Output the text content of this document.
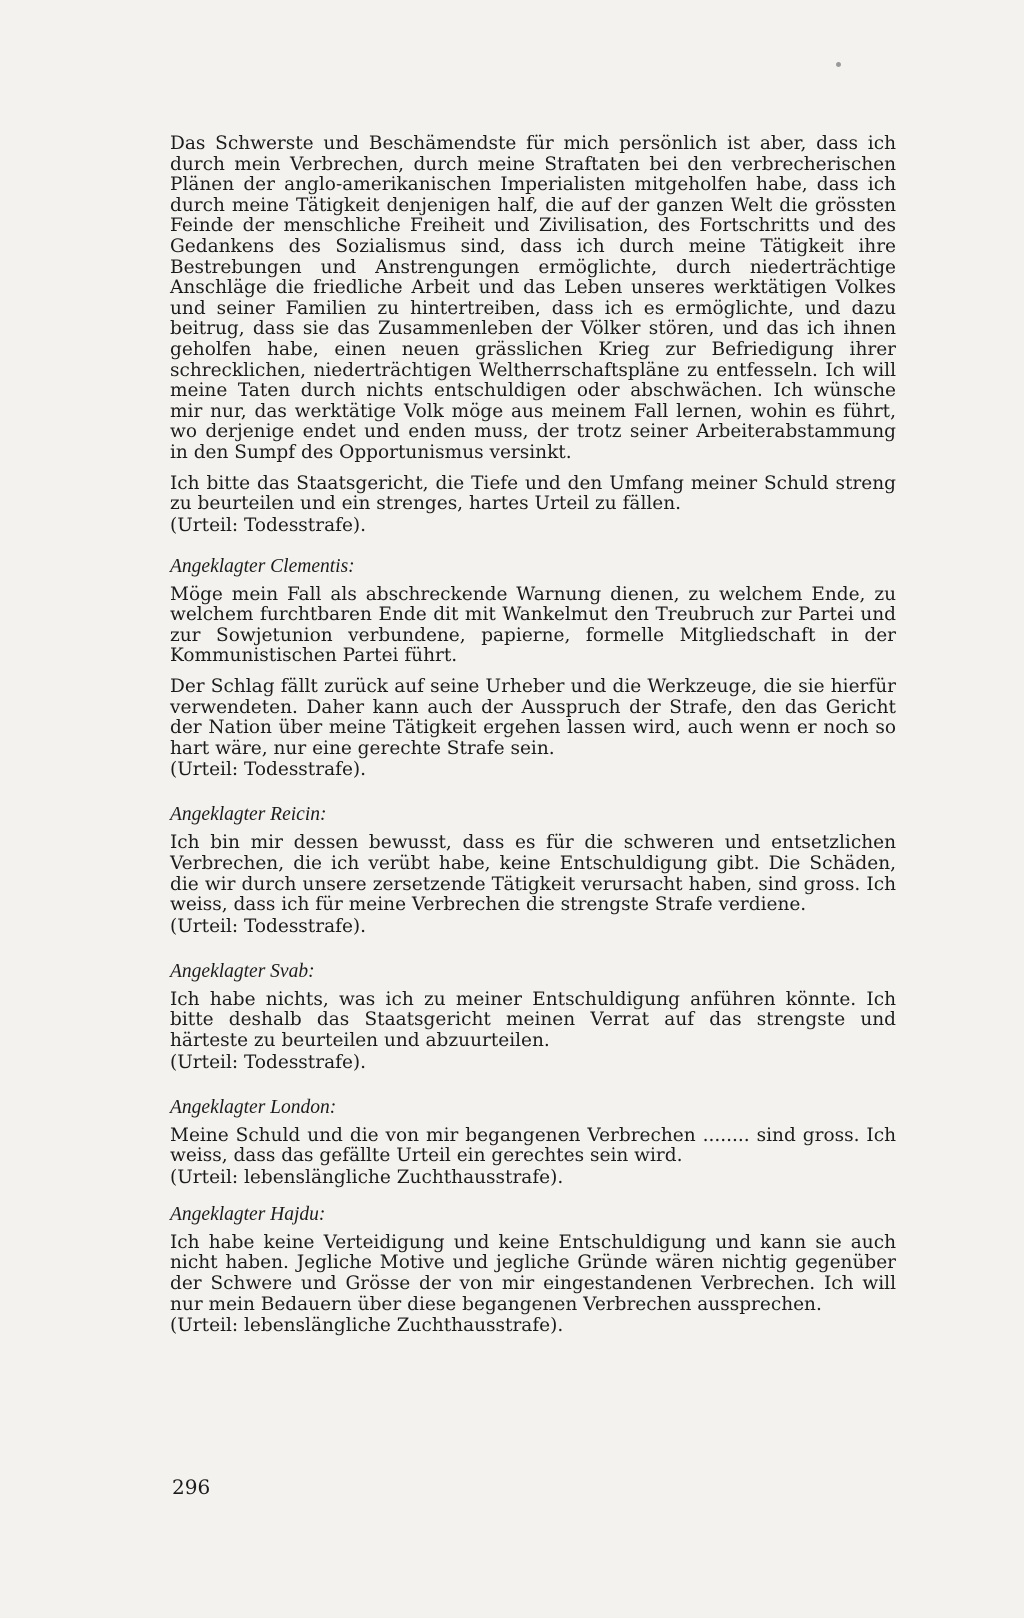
Das Schwerste und Beschämendste für mich persönlich ist aber, dass ich durch mein Verbrechen, durch meine Straftaten bei den verbrecherischen Plänen der anglo-amerikanischen Imperialisten mitgeholfen habe, dass ich durch meine Tätigkeit denjenigen half, die auf der ganzen Welt die grössten Feinde der menschliche Freiheit und Zivilisation, des Fortschritts und des Gedankens des Sozialismus sind, dass ich durch meine Tätigkeit ihre Bestrebungen und Anstrengungen ermöglichte, durch niederträchtige Anschläge die friedliche Arbeit und das Leben unseres werktätigen Volkes und seiner Familien zu hintertreiben, dass ich es ermöglichte, und dazu beitrug, dass sie das Zusammenleben der Völker stören, und das ich ihnen geholfen habe, einen neuen grässlichen Krieg zur Befriedigung ihrer schrecklichen, niederträchtigen Weltherrschaftspläne zu entfesseln. Ich will meine Taten durch nichts entschuldigen oder abschwächen. Ich wünsche mir nur, das werktätige Volk möge aus meinem Fall lernen, wohin es führt, wo derjenige endet und enden muss, der trotz seiner Arbeiterabstammung in den Sumpf des Opportunismus versinkt.

Ich bitte das Staatsgericht, die Tiefe und den Umfang meiner Schuld streng zu beurteilen und ein strenges, hartes Urteil zu fällen.

(Urteil: Todesstrafe).

Angeklagter Clementis:

Möge mein Fall als abschreckende Warnung dienen, zu welchem Ende, zu welchem furchtbaren Ende dit mit Wankelmut den Treubruch zur Partei und zur Sowjetunion verbundene, papierne, formelle Mitgliedschaft in der Kommunistischen Partei führt.

Der Schlag fällt zurück auf seine Urheber und die Werkzeuge, die sie hierfür verwendeten. Daher kann auch der Ausspruch der Strafe, den das Gericht der Nation über meine Tätigkeit ergehen lassen wird, auch wenn er noch so hart wäre, nur eine gerechte Strafe sein.

(Urteil: Todesstrafe).

Angeklagter Reicin:

Ich bin mir dessen bewusst, dass es für die schweren und entsetzlichen Verbrechen, die ich verübt habe, keine Entschuldigung gibt. Die Schäden, die wir durch unsere zersetzende Tätigkeit verursacht haben, sind gross. Ich weiss, dass ich für meine Verbrechen die strengste Strafe verdiene.

(Urteil: Todesstrafe).

Angeklagter Svab:

Ich habe nichts, was ich zu meiner Entschuldigung anführen könnte. Ich bitte deshalb das Staatsgericht meinen Verrat auf das strengste und härteste zu beurteilen und abzuurteilen.

(Urteil: Todesstrafe).

Angeklagter London:

Meine Schuld und die von mir begangenen Verbrechen ........ sind gross. Ich weiss, dass das gefällte Urteil ein gerechtes sein wird.

(Urteil: lebenslängliche Zuchthausstrafe).

Angeklagter Hajdu:

Ich habe keine Verteidigung und keine Entschuldigung und kann sie auch nicht haben. Jegliche Motive und jegliche Gründe wären nichtig gegenüber der Schwere und Grösse der von mir eingestandenen Verbrechen. Ich will nur mein Bedauern über diese begangenen Verbrechen aussprechen.

(Urteil: lebenslängliche Zuchthausstrafe).

296
